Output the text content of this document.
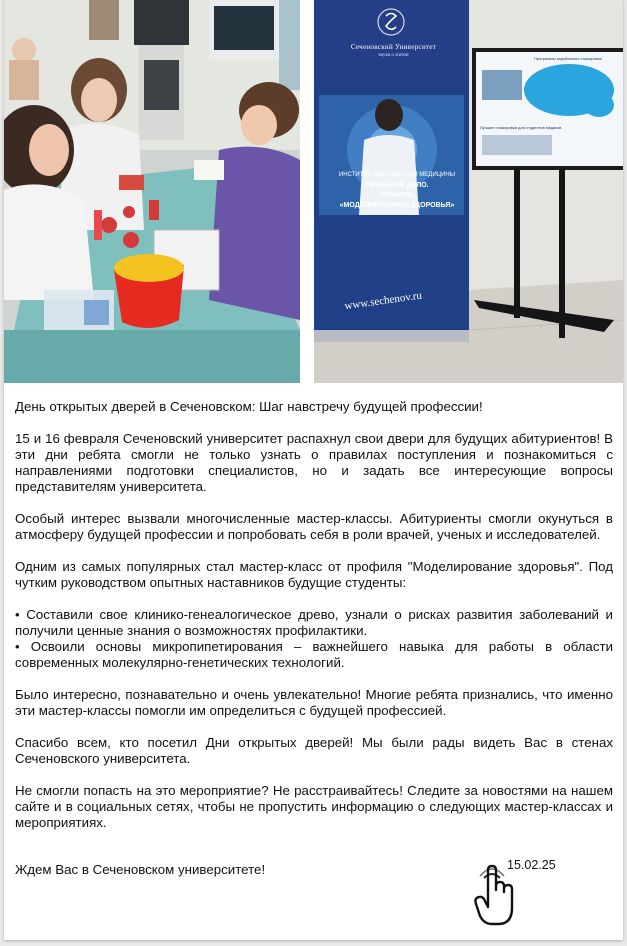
Сеченовский Университет
наука о жизни
ИНСТИТУТ КЛИНИЧЕСКОЙ МЕДИЦИНЫ
ЛЕЧЕБНОЕ ДЕЛО.
ПРОФИЛЬ
«МОДЕЛИРОВАНИЕ ЗДОРОВЬЯ»
www.sechenov.ru
Программы зарубежных стажировок
Лучшие стажировки для студентов медиков

День открытых дверей в Сеченовском: Шаг навстречу будущей профессии!

15 и 16 февраля Сеченовский университет распахнул свои двери для будущих абитуриентов! В эти дни ребята смогли не только узнать о правилах поступления и познакомиться с направлениями подготовки специалистов, но и задать все интересующие вопросы представителям университета.

Особый интерес вызвали многочисленные мастер-классы. Абитуриенты смогли окунуться в атмосферу будущей профессии и попробовать себя в роли врачей, ученых и исследователей.

Одним из самых популярных стал мастер-класс от профиля "Моделирование здоровья". Под чутким руководством опытных наставников будущие студенты:

• Составили свое клинико-генеалогическое древо, узнали о рисках развития заболеваний и получили ценные знания о возможностях профилактики.
• Освоили основы микропипетирования – важнейшего навыка для работы в области современных молекулярно-генетических технологий.

Было интересно, познавательно и очень увлекательно! Многие ребята признались, что именно эти мастер-классы помогли им определиться с будущей профессией.

Спасибо всем, кто посетил Дни открытых дверей! Мы были рады видеть Вас в стенах Сеченовского университета.

Не смогли попасть на это мероприятие? Не расстраивайтесь! Следите за новостями на нашем сайте и в социальных сетях, чтобы не пропустить информацию о следующих мастер-классах и мероприятиях.

Ждем Вас в Сеченовском университете!	15.02.25
